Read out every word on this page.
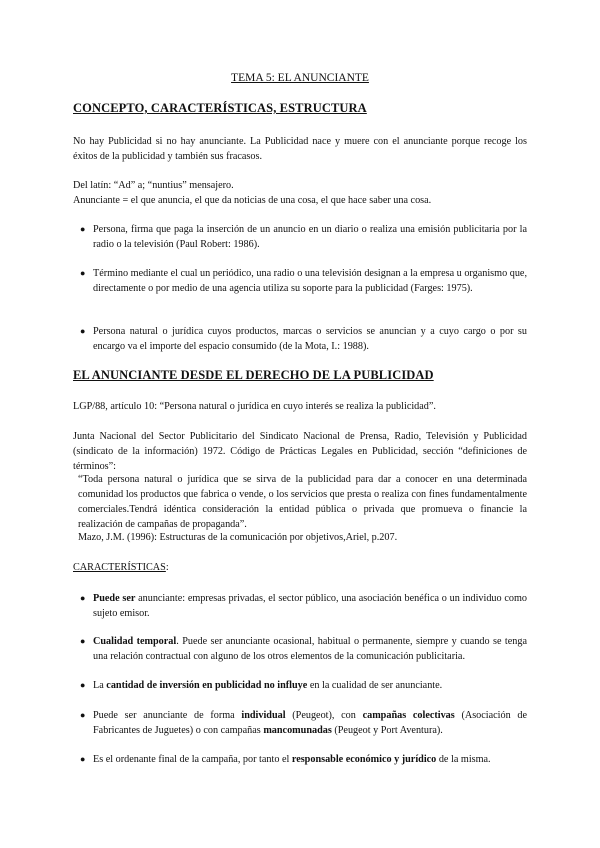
TEMA 5: EL ANUNCIANTE
CONCEPTO, CARACTERÍSTICAS, ESTRUCTURA

No hay Publicidad si no hay anunciante. La Publicidad nace y muere con el anunciante porque recoge los éxitos de la publicidad y también sus fracasos.

Del latín: “Ad” a; “nuntius” mensajero.

Anunciante = el que anuncia, el que da noticias de una cosa, el que hace saber una cosa.

● Persona, firma que paga la inserción de un anuncio en un diario o realiza una emisión publicitaria por la radio o la televisión (Paul Robert: 1986).

● Término mediante el cual un periódico, una radio o una televisión designan a la empresa u organismo que, directamente o por medio de una agencia utiliza su soporte para la publicidad (Farges: 1975).

● Persona natural o jurídica cuyos productos, marcas o servicios se anuncian y a cuyo cargo o por su encargo va el importe del espacio consumido (de la Mota, I.: 1988).

EL ANUNCIANTE DESDE EL DERECHO DE LA PUBLICIDAD

LGP/88, artículo 10: “Persona natural o jurídica en cuyo interés se realiza la publicidad”.

Junta Nacional del Sector Publicitario del Sindicato Nacional de Prensa, Radio, Televisión y Publicidad (sindicato de la información) 1972. Código de Prácticas Legales en Publicidad, sección “definiciones de términos”:

“Toda persona natural o jurídica que se sirva de la publicidad para dar a conocer en una determinada comunidad los productos que fabrica o vende, o los servicios que presta o realiza con fines fundamentalmente comerciales.Tendrá idéntica consideración la entidad pública o privada que promueva o financie la realización de campañas de propaganda”.

Mazo, J.M. (1996): Estructuras de la comunicación por objetivos,Ariel, p.207.

CARACTERÍSTICAS:

● Puede ser anunciante: empresas privadas, el sector público, una asociación benéfica o un individuo como sujeto emisor.

● Cualidad temporal. Puede ser anunciante ocasional, habitual o permanente, siempre y cuando se tenga una relación contractual con alguno de los otros elementos de la comunicación publicitaria.

● La cantidad de inversión en publicidad no influye en la cualidad de ser anunciante.

● Puede ser anunciante de forma individual (Peugeot), con campañas colectivas (Asociación de Fabricantes de Juguetes) o con campañas mancomunadas (Peugeot y Port Aventura).

● Es el ordenante final de la campaña, por tanto el responsable económico y jurídico de la misma.
